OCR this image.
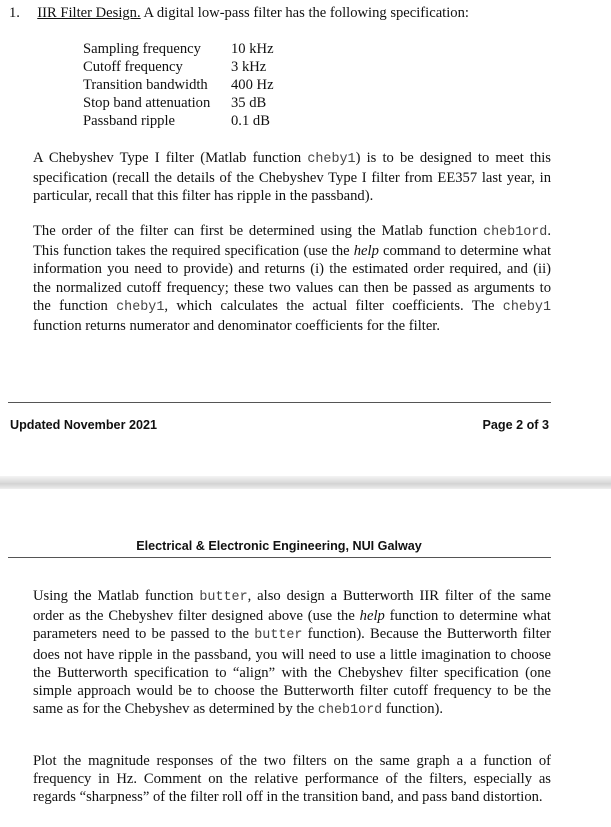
1. IIR Filter Design. A digital low-pass filter has the following specification:
Sampling frequency 10 kHz
Cutoff frequency	3 kHz
Transition bandwidth 400 Hz
Stop band attenuation 35 dB
Passband ripple	0.1 dB
A Chebyshev Type I filter (Matlab function cheby1) is to be designed to meet this specification (recall the details of the Chebyshev Type I filter from EE357 last year, in particular, recall that this filter has ripple in the passband).
The order of the filter can first be determined using the Matlab function cheb1ord. This function takes the required specification (use the help command to determine what information you need to provide) and returns (i) the estimated order required, and (ii) the normalized cutoff frequency; these two values can then be passed as arguments to the function cheby1, which calculates the actual filter coefficients. The cheby1 function returns numerator and denominator coefficients for the filter.
Updated November 2021	Page 2 of 3
Electrical & Electronic Engineering, NUI Galway
Using the Matlab function butter, also design a Butterworth IIR filter of the same order as the Chebyshev filter designed above (use the help function to determine what parameters need to be passed to the butter function). Because the Butterworth filter does not have ripple in the passband, you will need to use a little imagination to choose the Butterworth specification to “align” with the Chebyshev filter specification (one simple approach would be to choose the Butterworth filter cutoff frequency to be the same as for the Chebyshev as determined by the cheb1ord function).
Plot the magnitude responses of the two filters on the same graph a a function of frequency in Hz. Comment on the relative performance of the filters, especially as regards “sharpness” of the filter roll off in the transition band, and pass band distortion.
